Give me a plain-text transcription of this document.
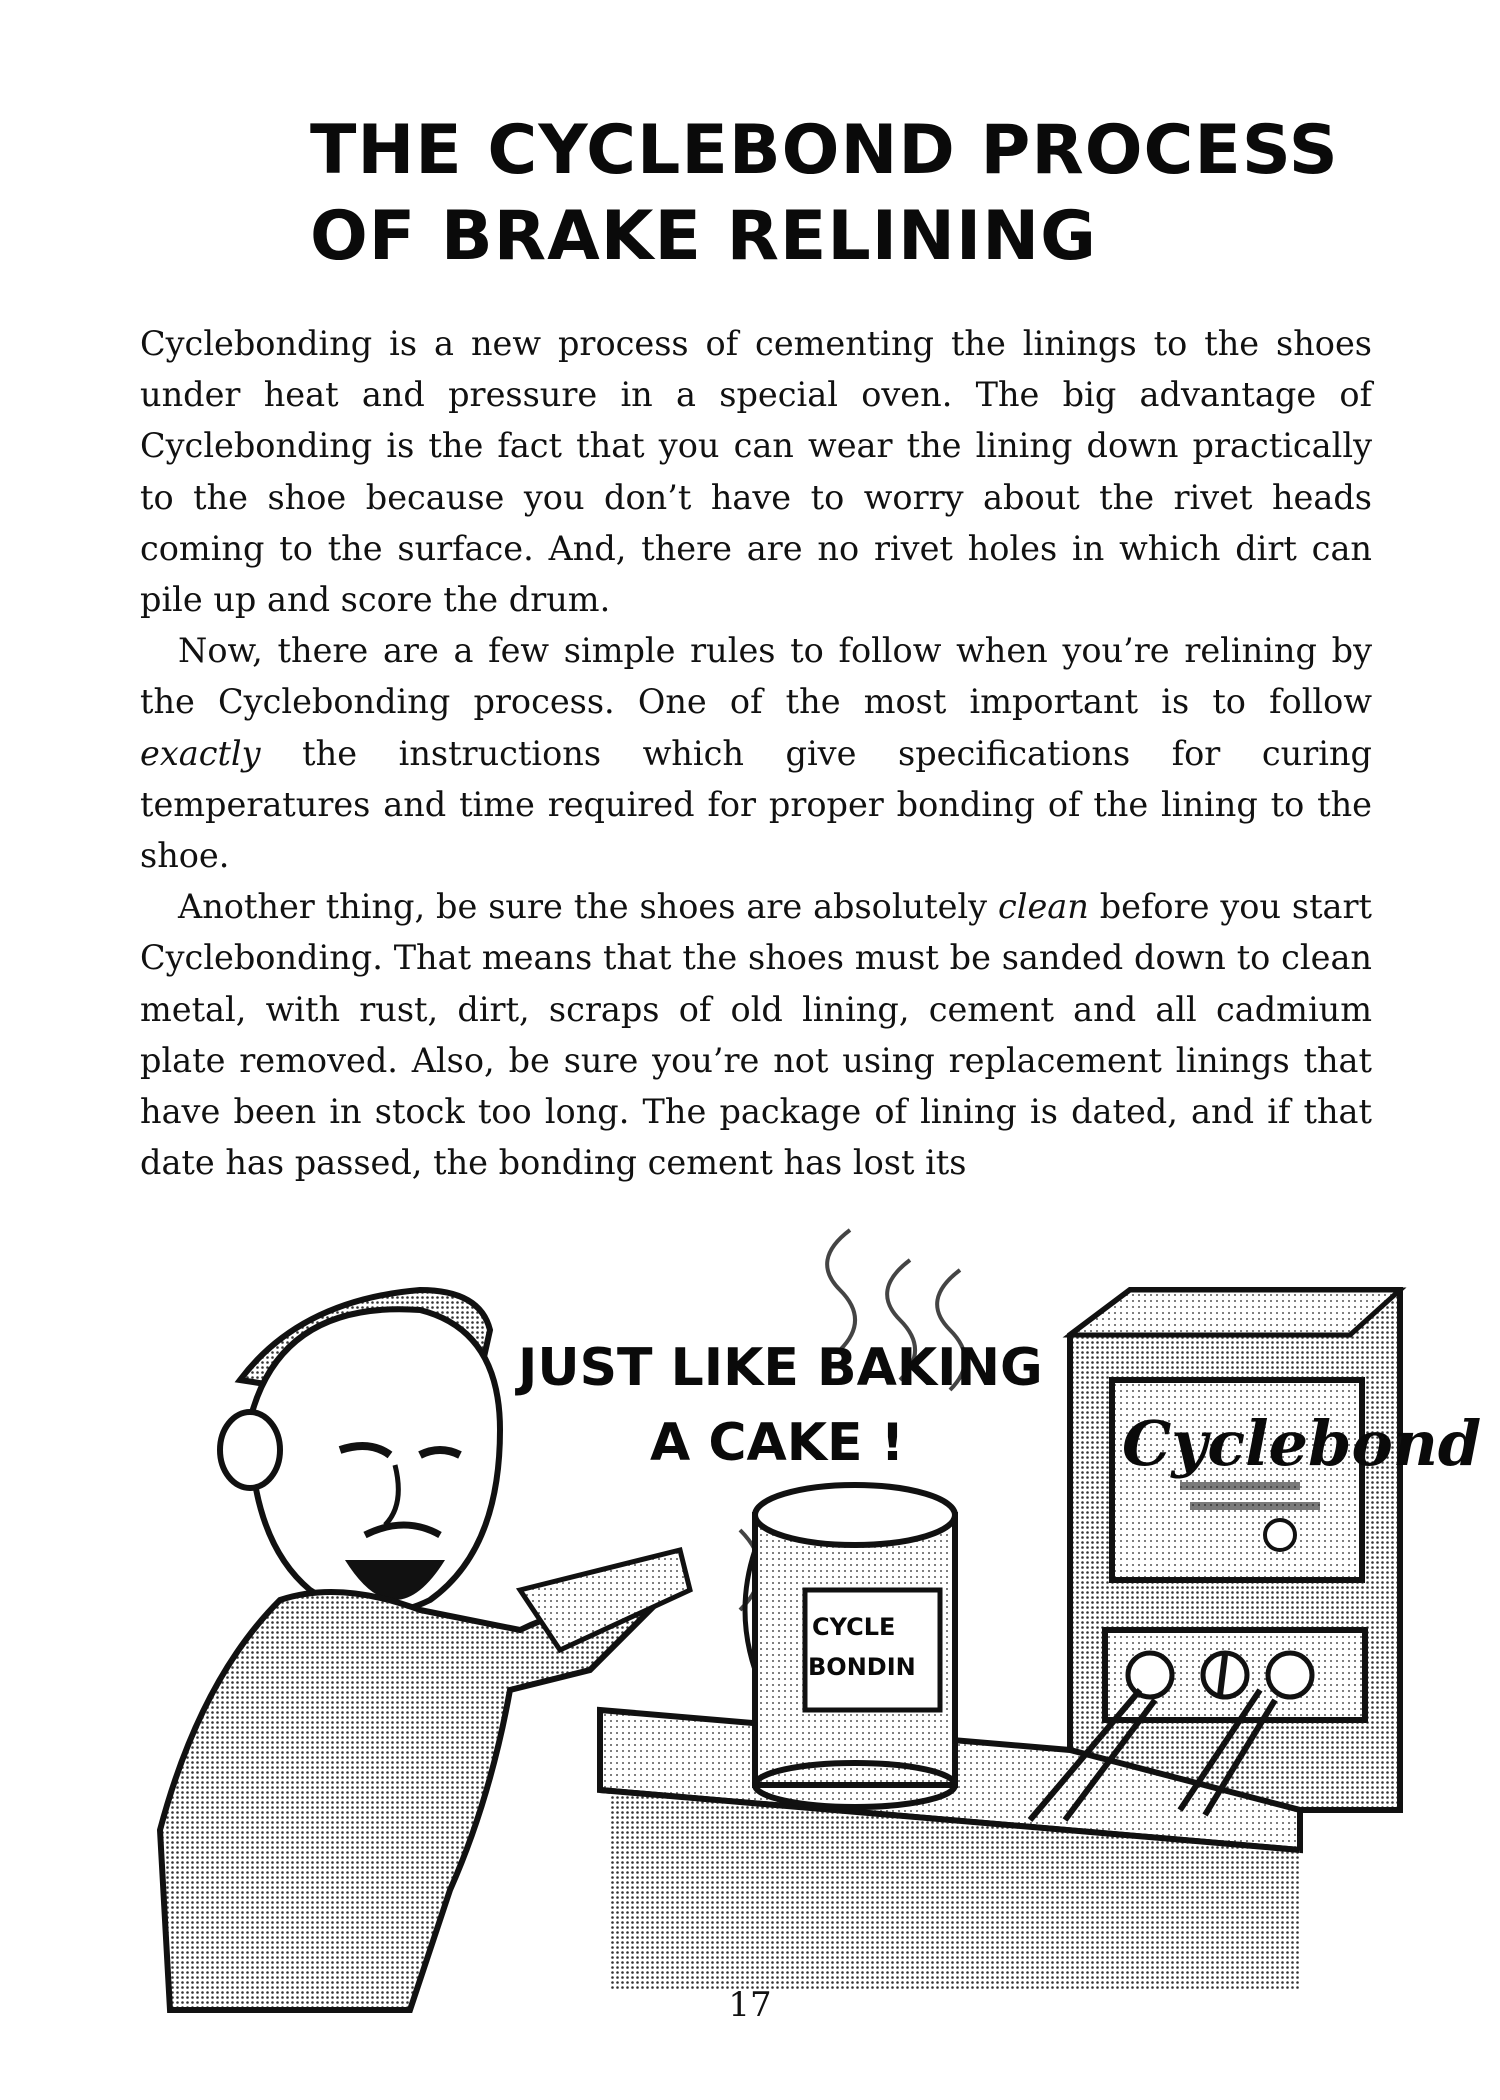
THE CYCLEBOND PROCESS
OF BRAKE RELINING

Cyclebonding is a new process of cementing the linings to the shoes under heat and pressure in a special oven. The big advantage of Cyclebonding is the fact that you can wear the lining down practically to the shoe because you don’t have to worry about the rivet heads coming to the surface. And, there are no rivet holes in which dirt can pile up and score the drum.

Now, there are a few simple rules to follow when you’re relining by the Cyclebonding process. One of the most important is to follow exactly the instructions which give specifications for curing temperatures and time required for proper bonding of the lining to the shoe.

Another thing, be sure the shoes are absolutely clean before you start Cyclebonding. That means that the shoes must be sanded down to clean metal, with rust, dirt, scraps of old lining, cement and all cadmium plate removed. Also, be sure you’re not using replacement linings that have been in stock too long. The package of lining is dated, and if that date has passed, the bonding cement has lost its

Cyclebond
JUST LIKE BAKING
A CAKE !
CYCLE
BONDIN
17
